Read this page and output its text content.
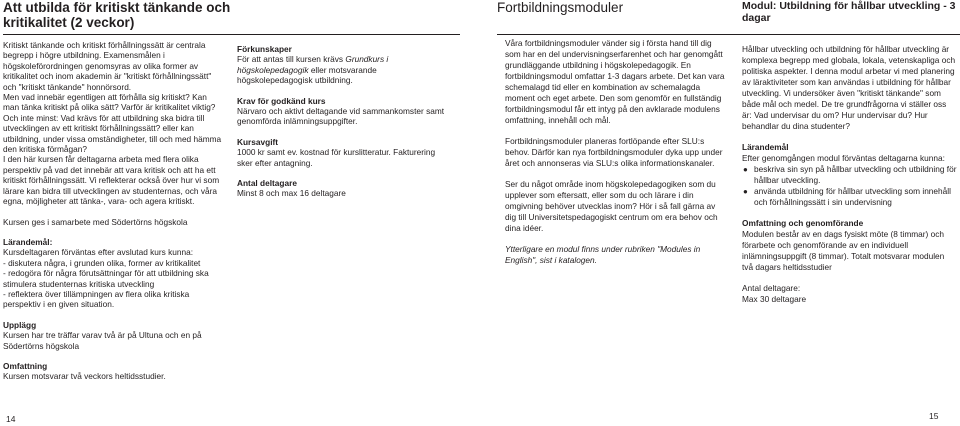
Att utbilda för kritiskt tänkande och kritikalitet (2 veckor)
Fortbildningsmoduler	Modul: Utbildning för hållbar utveckling - 3 dagar

Kritiskt tänkande och kritiskt förhållningssätt är centrala begrepp i högre utbildning. Examensmålen i högskoleförordningen genomsyras av olika former av kritikalitet och inom akademin är "kritiskt förhållningssätt" och "kritiskt tänkande" honnörsord.

Men vad innebär egentligen att förhålla sig kritiskt? Kan man tänka kritiskt på olika sätt? Varför är kritikalitet viktig? Och inte minst: Vad krävs för att utbildning ska bidra till utvecklingen av ett kritiskt förhållningssätt? eller kan utbildning, under vissa omständigheter, till och med hämma den kritiska förmågan?

I den här kursen får deltagarna arbeta med flera olika perspektiv på vad det innebär att vara kritisk och att ha ett kritiskt förhållningssätt. Vi reflekterar också över hur vi som lärare kan bidra till utvecklingen av studenternas, och våra egna, möjligheter att tänka-, vara- och agera kritiskt.

Kursen ges i samarbete med Södertörns högskola

Lärandemål:

Kursdeltagaren förväntas efter avslutad kurs kunna:

- diskutera några, i grunden olika, former av kritikalitet

- redogöra för några förutsättningar för att utbildning ska stimulera studenternas kritiska utveckling

- reflektera över tillämpningen av flera olika kritiska perspektiv i en given situation.

Upplägg

Kursen har tre träffar varav två är på Ultuna och en på Södertörns högskola

Omfattning

Kursen motsvarar två veckors heltidsstudier.

Förkunskaper

För att antas till kursen krävs Grundkurs i högskolepedagogik eller motsvarande högskolepedagogisk utbildning.

Krav för godkänd kurs

Närvaro och aktivt deltagande vid sammankomster samt genomförda inlämningsuppgifter.

Kursavgift

1000 kr samt ev. kostnad för kurslitteratur. Fakturering sker efter antagning.

Antal deltagare

Minst 8 och max 16 deltagare

Våra fortbildningsmoduler vänder sig i första hand till dig som har en del undervisningserfarenhet och har genomgått grundläggande utbildning i högskolepedagogik. En fortbildningsmodul omfattar 1-3 dagars arbete. Det kan vara schemalagd tid eller en kombination av schemalagda moment och eget arbete. Den som genomför en fullständig fortbildningsmodul får ett intyg på den avklarade modulens omfattning, innehåll och mål.

Fortbildningsmoduler planeras fortlöpande efter SLU:s behov. Därför kan nya fortbildningsmoduler dyka upp under året och annonseras via SLU:s olika informationskanaler.

Ser du något område inom högskolepedagogiken som du upplever som eftersatt, eller som du och lärare i din omgivning behöver utvecklas inom? Hör i så fall gärna av dig till Universitetspedagogiskt centrum om era behov och dina idéer.

Ytterligare en modul finns under rubriken "Modules in English", sist i katalogen.

Hållbar utveckling och utbildning för hållbar utveckling är komplexa begrepp med globala, lokala, vetenskapliga och politiska aspekter. I denna modul arbetar vi med planering av läraktiviteter som kan användas i utbildning för hållbar utveckling. Vi undersöker även "kritiskt tänkande" som både mål och medel. De tre grundfrågorna vi ställer oss är: Vad undervisar du om? Hur undervisar du? Hur behandlar du dina studenter?

Lärandemål

Efter genomgången modul förväntas deltagarna kunna:

● beskriva sin syn på hållbar utveckling och utbildning för hållbar utveckling.
● använda utbildning för hållbar utveckling som innehåll och förhållningssätt i sin undervisning

Omfattning och genomförande

Modulen består av en dags fysiskt möte (8 timmar) och förarbete och genomförande av en individuell inlämningsuppgift (8 timmar). Totalt motsvarar modulen två dagars heltidsstudier

Antal deltagare:

Max 30 deltagare

14	15
